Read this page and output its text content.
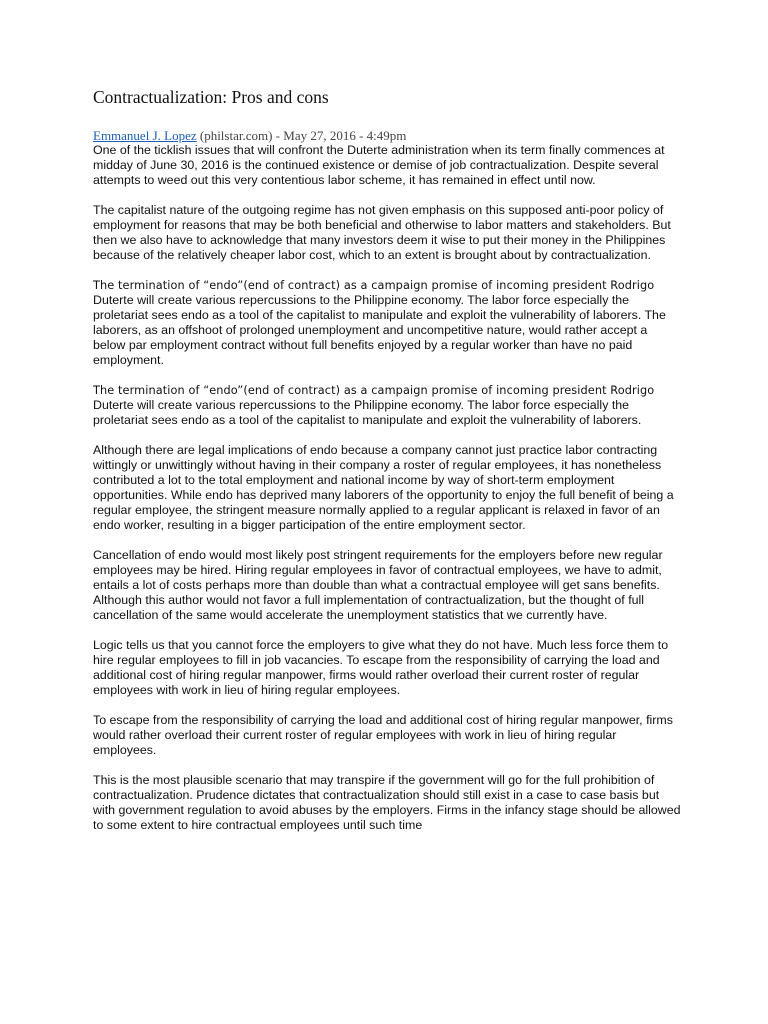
Contractualization: Pros and cons
Emmanuel J. Lopez (philstar.com) - May 27, 2016 - 4:49pm

One of the ticklish issues that will confront the Duterte administration when its term finally commences at midday of June 30, 2016 is the continued existence or demise of job contractualization. Despite several attempts to weed out this very contentious labor scheme, it has remained in effect until now.

The capitalist nature of the outgoing regime has not given emphasis on this supposed anti-poor policy of employment for reasons that may be both beneficial and otherwise to labor matters and stakeholders. But then we also have to acknowledge that many investors deem it wise to put their money in the Philippines because of the relatively cheaper labor cost, which to an extent is brought about by contractualization.

The termination of “endo”(end of contract) as a campaign promise of incoming president Rodrigo
Duterte will create various repercussions to the Philippine economy. The labor force especially the proletariat sees endo as a tool of the capitalist to manipulate and exploit the vulnerability of laborers. The laborers, as an offshoot of prolonged unemployment and uncompetitive nature, would rather accept a below par employment contract without full benefits enjoyed by a regular worker than have no paid employment.

The termination of “endo”(end of contract) as a campaign promise of incoming president Rodrigo
Duterte will create various repercussions to the Philippine economy. The labor force especially the proletariat sees endo as a tool of the capitalist to manipulate and exploit the vulnerability of laborers.

Although there are legal implications of endo because a company cannot just practice labor contracting wittingly or unwittingly without having in their company a roster of regular employees, it has nonetheless contributed a lot to the total employment and national income by way of short-term employment opportunities. While endo has deprived many laborers of the opportunity to enjoy the full benefit of being a regular employee, the stringent measure normally applied to a regular applicant is relaxed in favor of an endo worker, resulting in a bigger participation of the entire employment sector.

Cancellation of endo would most likely post stringent requirements for the employers before new regular employees may be hired. Hiring regular employees in favor of contractual employees, we have to admit, entails a lot of costs perhaps more than double than what a contractual employee will get sans benefits. Although this author would not favor a full implementation of contractualization, but the thought of full cancellation of the same would accelerate the unemployment statistics that we currently have.

Logic tells us that you cannot force the employers to give what they do not have. Much less force them to hire regular employees to fill in job vacancies. To escape from the responsibility of carrying the load and additional cost of hiring regular manpower, firms would rather overload their current roster of regular employees with work in lieu of hiring regular employees.

To escape from the responsibility of carrying the load and additional cost of hiring regular manpower, firms would rather overload their current roster of regular employees with work in lieu of hiring regular employees.

This is the most plausible scenario that may transpire if the government will go for the full prohibition of contractualization. Prudence dictates that contractualization should still exist in a case to case basis but with government regulation to avoid abuses by the employers. Firms in the infancy stage should be allowed to some extent to hire contractual employees until such time
